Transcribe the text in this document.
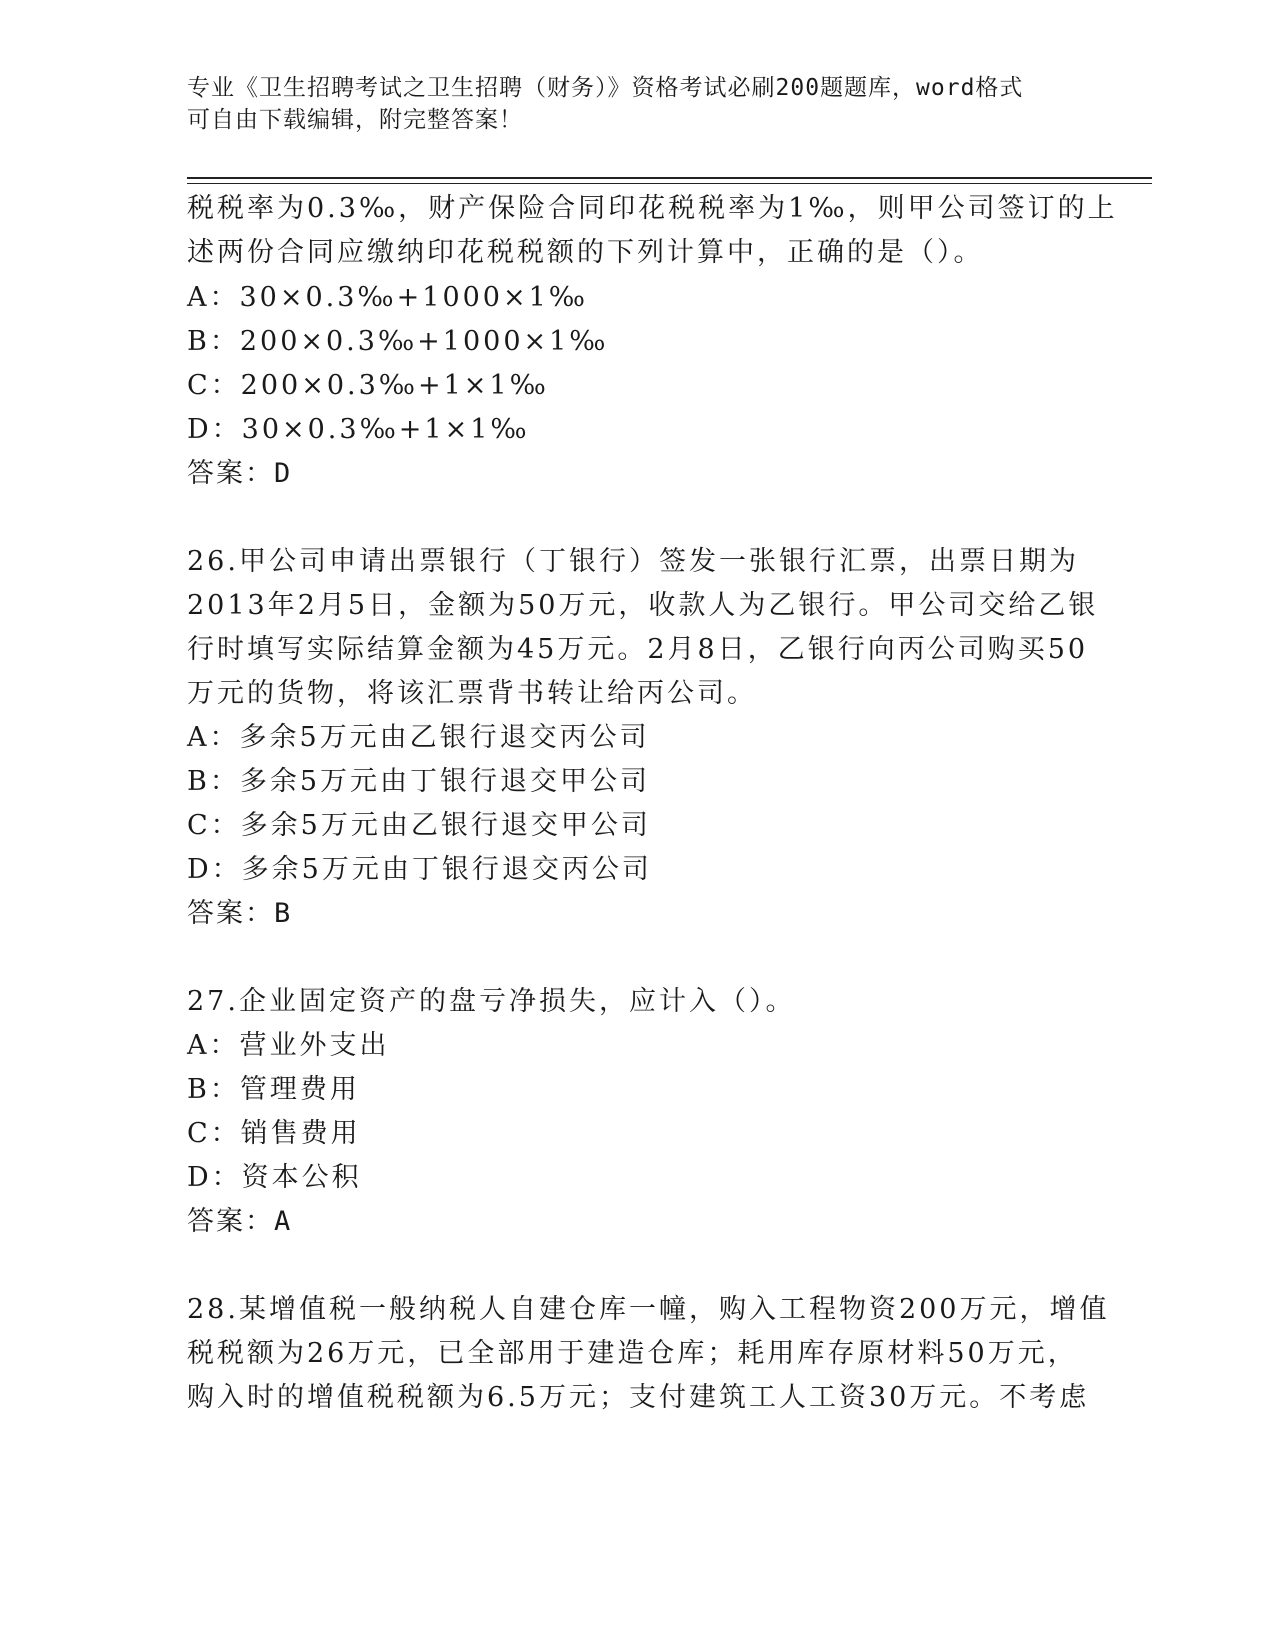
专业《卫生招聘考试之卫生招聘（财务）》资格考试必刷200题题库，word格式
可自由下载编辑，附完整答案！
税税率为0.3‰，财产保险合同印花税税率为1‰，则甲公司签订的上
述两份合同应缴纳印花税税额的下列计算中，正确的是（）。
A：30×0.3‰+1000×1‰
B：200×0.3‰+1000×1‰
C：200×0.3‰+1×1‰
D：30×0.3‰+1×1‰
答案：D
26.甲公司申请出票银行（丁银行）签发一张银行汇票，出票日期为
2013年2月5日，金额为50万元，收款人为乙银行。甲公司交给乙银
行时填写实际结算金额为45万元。2月8日，乙银行向丙公司购买50
万元的货物，将该汇票背书转让给丙公司。
A：多余5万元由乙银行退交丙公司
B：多余5万元由丁银行退交甲公司
C：多余5万元由乙银行退交甲公司
D：多余5万元由丁银行退交丙公司
答案：B
27.企业固定资产的盘亏净损失，应计入（）。
A：营业外支出
B：管理费用
C：销售费用
D：资本公积
答案：A
28.某增值税一般纳税人自建仓库一幢，购入工程物资200万元，增值
税税额为26万元，已全部用于建造仓库；耗用库存原材料50万元，
购入时的增值税税额为6.5万元；支付建筑工人工资30万元。不考虑
